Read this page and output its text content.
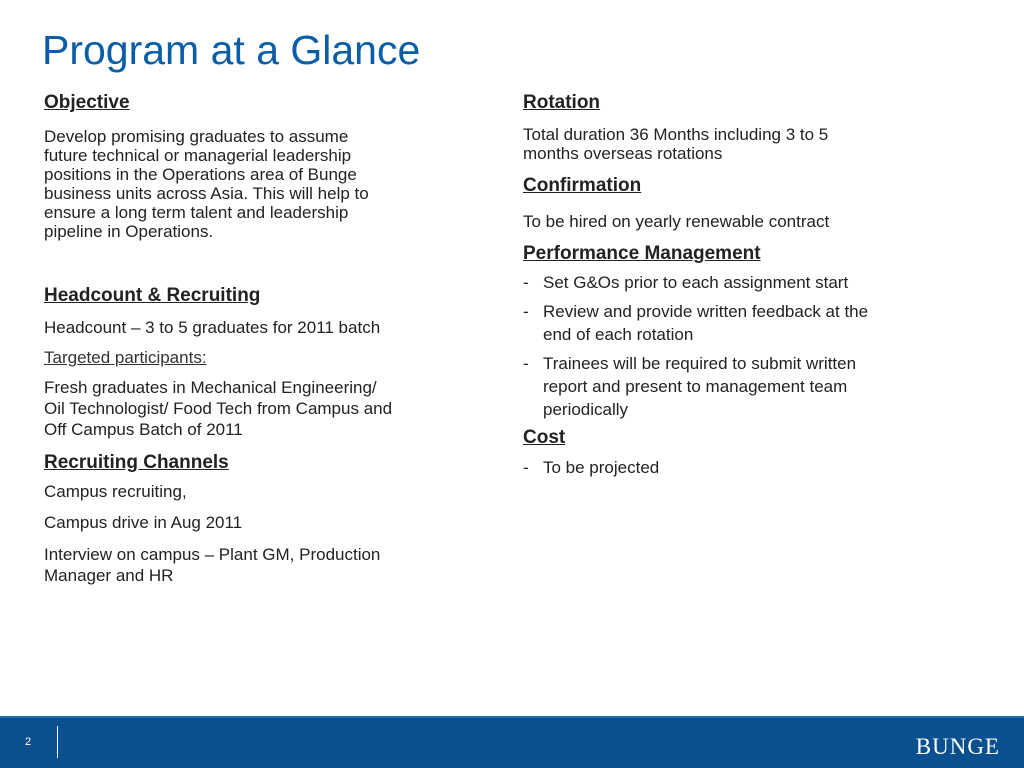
Program at a Glance
Objective
Develop promising graduates to assume
future technical or managerial leadership
positions in the Operations area of Bunge
business units across Asia. This will help to
ensure a long term talent and leadership
pipeline in Operations.
Headcount & Recruiting
Headcount – 3 to 5 graduates for 2011 batch
Targeted participants:
Fresh graduates in Mechanical Engineering/
Oil Technologist/ Food Tech from Campus and
Off Campus Batch of 2011
Recruiting Channels
Campus recruiting,
Campus drive in Aug 2011
Interview on campus – Plant GM, Production
Manager and HR
Rotation
Total duration 36 Months including 3 to 5
months overseas rotations
Confirmation
To be hired on yearly renewable contract
Performance Management
- Set G&Os prior to each assignment start
- Review and provide written feedback at the
end of each rotation
- Trainees will be required to submit written
report and present to management team
periodically
Cost
- To be projected
2	BUNGE
